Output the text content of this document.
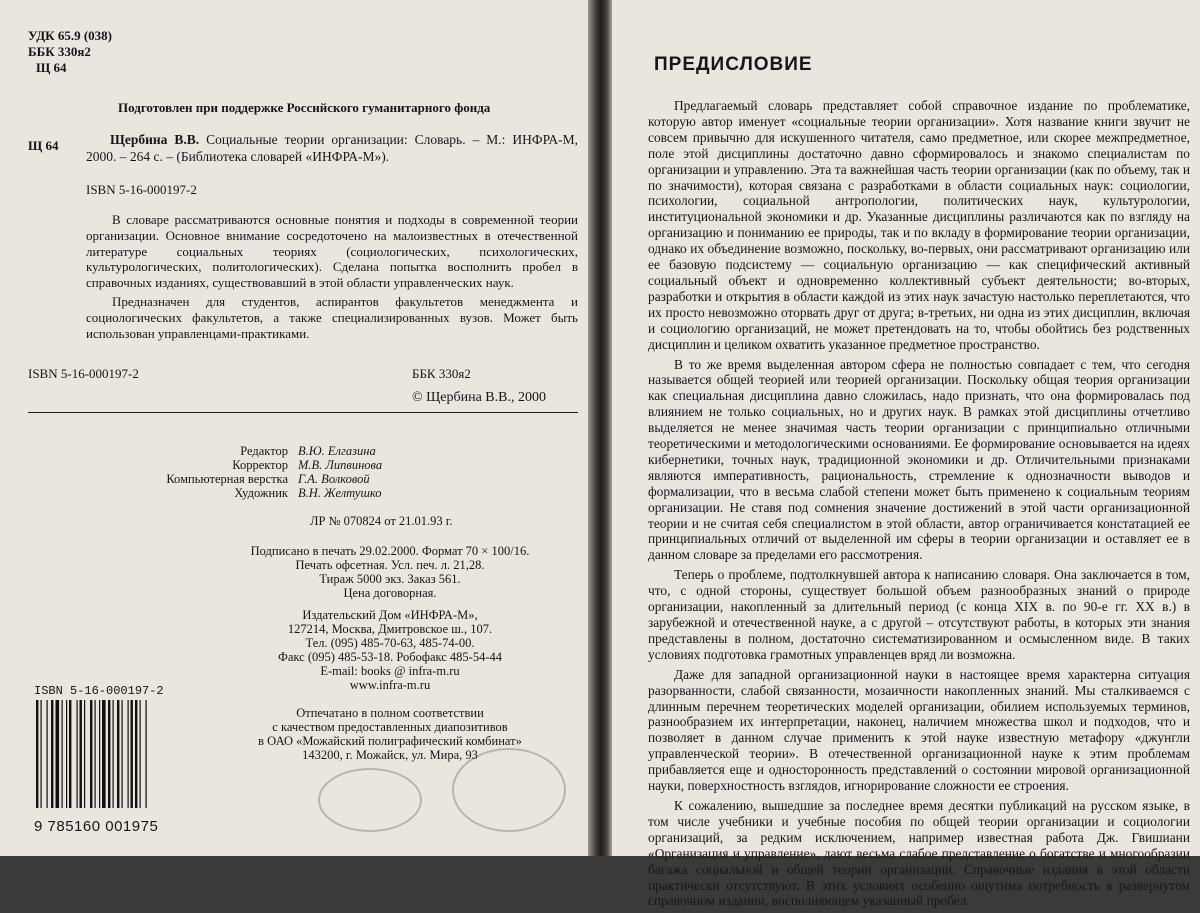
УДК 65.9 (038)
ББК 330я2
Щ 64
Подготовлен при поддержке Российского гуманитарного фонда
Щ 64	Щербина В.В. Социальные теории организации: Словарь. – М.: ИНФРА-М, 2000. – 264 с. – (Библиотека словарей «ИНФРА-М»).
ISBN 5-16-000197-2
В словаре рассматриваются основные понятия и подходы в современной теории организации. Основное внимание сосредоточено на малоизвестных в отечественной литературе социальных теориях (социологических, психологических, культурологических, политологических). Сделана попытка восполнить пробел в справочных изданиях, существовавший в этой области управленческих наук.
Предназначен для студентов, аспирантов факультетов менеджмента и социологических факультетов, а также специализированных вузов. Может быть использован управленцами-практиками.
ISBN 5-16-000197-2	ББК 330я2
© Щербина В.В., 2000
Редактор В.Ю. Елгазина
Корректор М.В. Липвинова
Компьютерная верстка Г.А. Волковой
Художник В.Н. Желтушко
ЛР № 070824 от 21.01.93 г.
Подписано в печать 29.02.2000. Формат 70 × 100/16.
Печать офсетная. Усл. печ. л. 21,28.
Тираж 5000 экз. Заказ 561.
Цена договорная.
Издательский Дом «ИНФРА-М»,
127214, Москва, Дмитровское ш., 107.
Тел. (095) 485-70-63, 485-74-00.
Факс (095) 485-53-18. Робофакс 485-54-44
E-mail: books @ infra-m.ru
www.infra-m.ru
Отпечатано в полном соответствии
с качеством предоставленных диапозитивов
в ОАО «Можайский полиграфический комбинат»
143200, г. Можайск, ул. Мира, 93
ISBN 5-16-000197-2
9 785160 001975
ПРЕДИСЛОВИЕ

Предлагаемый словарь представляет собой справочное издание по проблематике, которую автор именует «социальные теории организации». Хотя название книги звучит не совсем привычно для искушенного читателя, само предметное, или скорее межпредметное, поле этой дисциплины достаточно давно сформировалось и знакомо специалистам по организации и управлению. Эта та важнейшая часть теории организации (как по объему, так и по значимости), которая связана с разработками в области социальных наук: социологии, психологии, социальной антропологии, политических наук, культурологии, институциональной экономики и др. Указанные дисциплины различаются как по взгляду на организацию и пониманию ее природы, так и по вкладу в формирование теории организации, однако их объединение возможно, поскольку, во-первых, они рассматривают организацию или ее базовую подсистему — социальную организацию — как специфический активный социальный объект и одновременно коллективный субъект деятельности; во-вторых, разработки и открытия в области каждой из этих наук зачастую настолько переплетаются, что их просто невозможно оторвать друг от друга; в-третьих, ни одна из этих дисциплин, включая и социологию организаций, не может претендовать на то, чтобы обойтись без родственных дисциплин и целиком охватить указанное предметное пространство.

В то же время выделенная автором сфера не полностью совпадает с тем, что сегодня называется общей теорией или теорией организации. Поскольку общая теория организации как специальная дисциплина давно сложилась, надо признать, что она формировалась под влиянием не только социальных, но и других наук. В рамках этой дисциплины отчетливо выделяется не менее значимая часть теории организации с принципиально отличными теоретическими и методологическими основаниями. Ее формирование основывается на идеях кибернетики, точных наук, традиционной экономики и др. Отличительными признаками являются императивность, рациональность, стремление к однозначности выводов и формализации, что в весьма слабой степени может быть применено к социальным теориям организации. Не ставя под сомнения значение достижений в этой части организационной теории и не считая себя специалистом в этой области, автор ограничивается констатацией ее принципиальных отличий от выделенной им сферы в теории организации и оставляет ее в данном словаре за пределами его рассмотрения.

Теперь о проблеме, подтолкнувшей автора к написанию словаря. Она заключается в том, что, с одной стороны, существует большой объем разнообразных знаний о природе организации, накопленный за длительный период (с конца XIX в. по 90-е гг. XX в.) в зарубежной и отечественной науке, а с другой – отсутствуют работы, в которых эти знания представлены в полном, достаточно систематизированном и осмысленном виде. В таких условиях подготовка грамотных управленцев вряд ли возможна.

Даже для западной организационной науки в настоящее время характерна ситуация разорванности, слабой связанности, мозаичности накопленных знаний. Мы сталкиваемся с длинным перечнем теоретических моделей организации, обилием используемых терминов, разнообразием их интерпретации, наконец, наличием множества школ и подходов, что и позволяет в данном случае применить к этой науке известную метафору «джунгли управленческой теории». В отечественной организационной науке к этим проблемам прибавляется еще и односторонность представлений о состоянии мировой организационной науки, поверхностность взглядов, игнорирование сложности ее строения.

К сожалению, вышедшие за последнее время десятки публикаций на русском языке, в том числе учебники и учебные пособия по общей теории организации и социологии организаций, за редким исключением, например известная работа Дж. Гвишиани «Организация и управление», дают весьма слабое представление о богатстве и многообразии багажа социальной и общей теории организации. Справочные издания в этой области практически отсутствуют. В этих условиях особенно ощутима потребность в развернутом справочном издании, восполняющем указанный пробел.
